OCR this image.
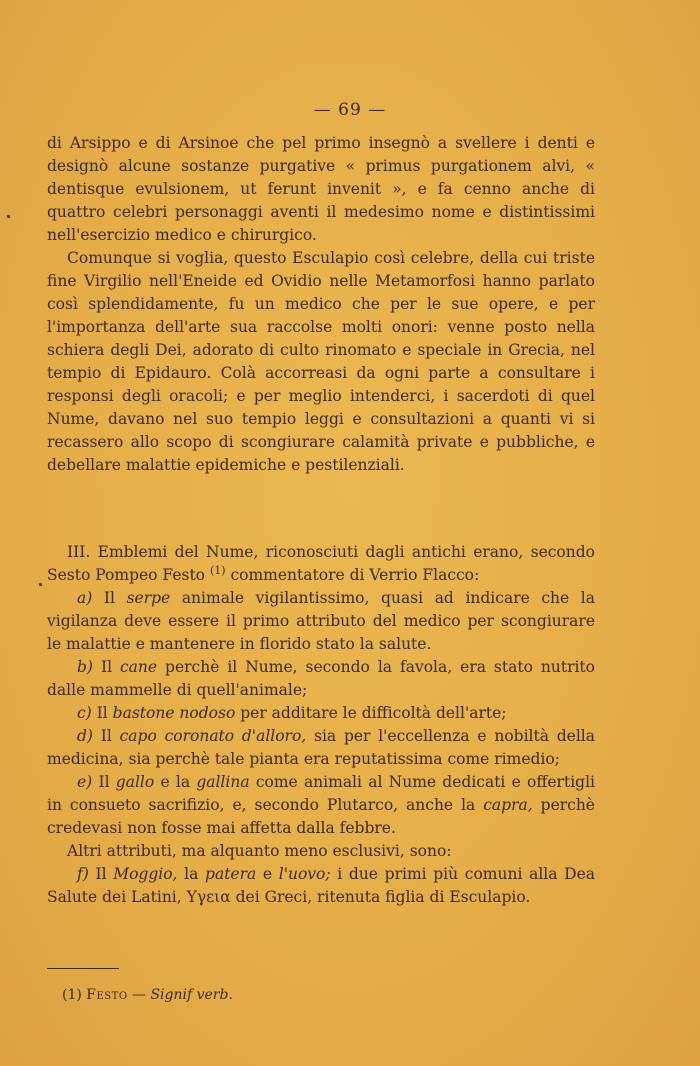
— 69 —

di Arsippo e di Arsinoe che pel primo insegnò a svellere i denti e designò alcune sostanze purgative « primus purgationem alvi, « dentisque evulsionem, ut ferunt invenit », e fa cenno anche di quattro celebri personaggi aventi il medesimo nome e distintissimi nell'esercizio medico e chirurgico.

Comunque si voglia, questo Esculapio così celebre, della cui triste fine Virgilio nell'Eneide ed Ovidio nelle Metamorfosi hanno parlato così splendidamente, fu un medico che per le sue opere, e per l'importanza dell'arte sua raccolse molti onori: venne posto nella schiera degli Dei, adorato di culto rinomato e speciale in Grecia, nel tempio di Epidauro. Colà accorreasi da ogni parte a consultare i responsi degli oracoli; e per meglio intenderci, i sacerdoti di quel Nume, davano nel suo tempio leggi e consultazioni a quanti vi si recassero allo scopo di scongiurare calamità private e pubbliche, e debellare malattie epidemiche e pestilenziali.

III. Emblemi del Nume, riconosciuti dagli antichi erano, secondo Sesto Pompeo Festo $^{(1)}$ commentatore di Verrio Flacco:

a) Il serpe animale vigilantissimo, quasi ad indicare che la vigilanza deve essere il primo attributo del medico per scongiurare le malattie e mantenere in florido stato la salute.

b) Il cane perchè il Nume, secondo la favola, era stato nutrito dalle mammelle di quell'animale;

c) Il bastone nodoso per additare le difficoltà dell'arte;

d) Il capo coronato d'alloro, sia per l'eccellenza e nobiltà della medicina, sia perchè tale pianta era reputatissima come rimedio;

e) Il gallo e la gallina come animali al Nume dedicati e offertigli in consueto sacrifizio, e, secondo Plutarco, anche la capra, perchè credevasi non fosse mai affetta dalla febbre.

Altri attributi, ma alquanto meno esclusivi, sono:

f) Il Moggio, la patera e l'uovo; i due primi più comuni alla Dea Salute dei Latini, Υγεια dei Greci, ritenuta figlia di Esculapio.

(1) Festo — Signif verb.
